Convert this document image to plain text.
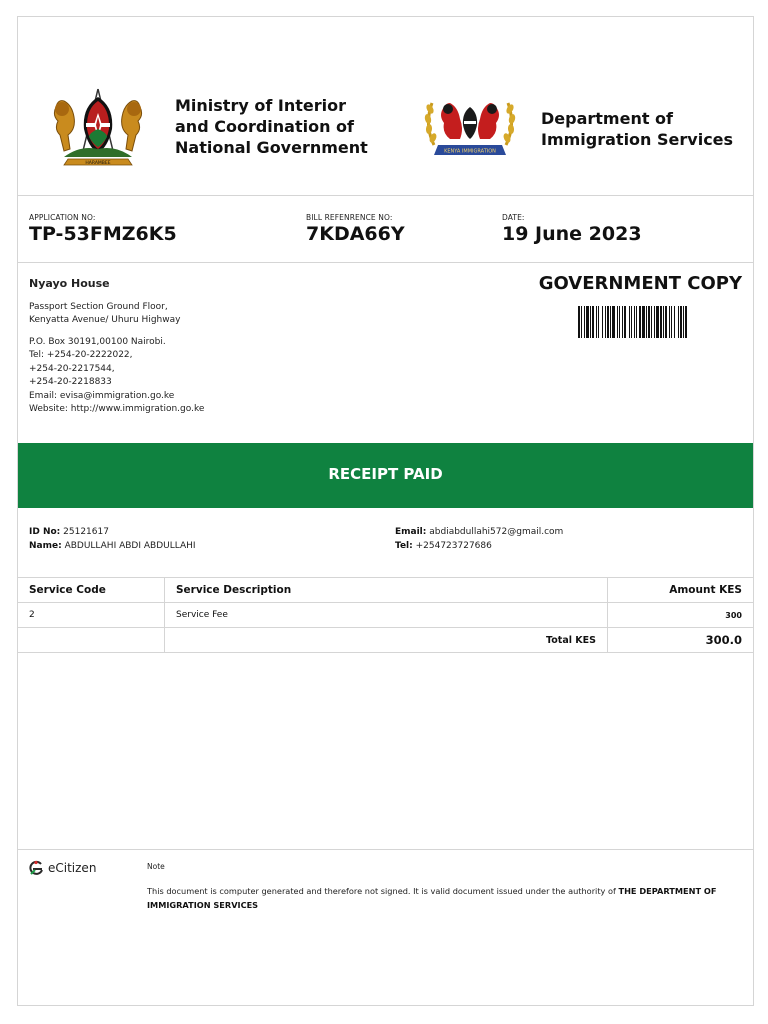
HARAMBEE
Ministry of Interior
and Coordination of
National Government	KENYA IMMIGRATION
Department of
Immigration Services
APPLICATION NO:
TP-53FMZ6K5
BILL REFENRENCE NO:
7KDA66Y
DATE:
19 June 2023
Nyayo House
Passport Section Ground Floor,
Kenyatta Avenue/ Uhuru Highway
P.O. Box 30191,00100 Nairobi.
Tel: +254-20-2222022,
+254-20-2217544,
+254-20-2218833
Email: evisa@immigration.go.ke
Website: http://www.immigration.go.ke
GOVERNMENT COPY
RECEIPT PAID
ID No: 25121617
Name: ABDULLAHI ABDI ABDULLAHI
Email: abdiabdullahi572@gmail.com
Tel: +254723727686
Service Code	Service Description	Amount KES
2	Service Fee	300
	Total KES	300.0
eCitizen	Note
This document is computer generated and therefore not signed. It is valid document issued under the authority of THE DEPARTMENT OF IMMIGRATION SERVICES
